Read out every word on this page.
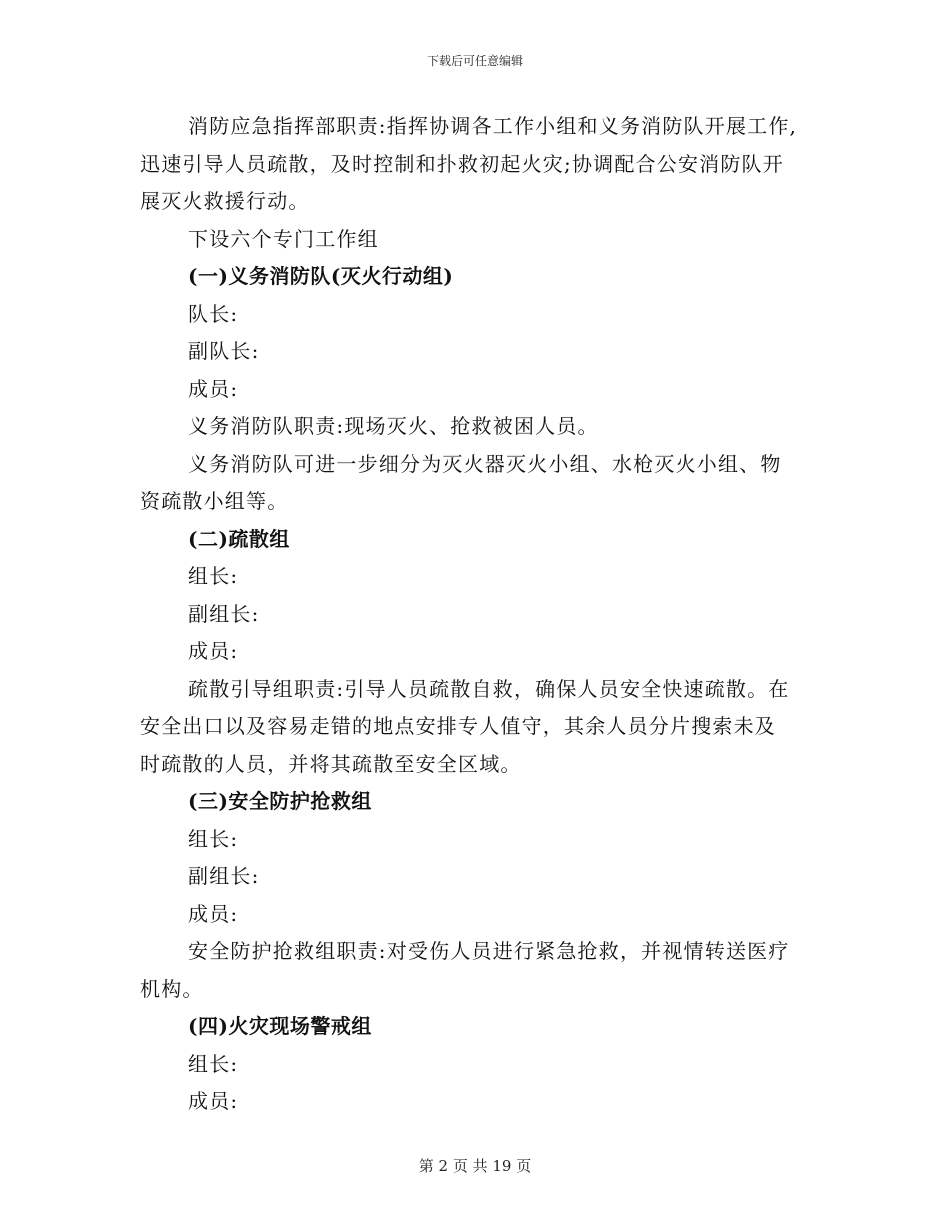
下载后可任意编辑
消防应急指挥部职责:指挥协调各工作小组和义务消防队开展工作,
迅速引导人员疏散，及时控制和扑救初起火灾;协调配合公安消防队开
展灭火救援行动。
下设六个专门工作组
(一)义务消防队(灭火行动组)
队长:
副队长:
成员:
义务消防队职责:现场灭火、抢救被困人员。
义务消防队可进一步细分为灭火器灭火小组、水枪灭火小组、物
资疏散小组等。
(二)疏散组
组长:
副组长:
成员:
疏散引导组职责:引导人员疏散自救，确保人员安全快速疏散。在
安全出口以及容易走错的地点安排专人值守，其余人员分片搜索未及
时疏散的人员，并将其疏散至安全区域。
(三)安全防护抢救组
组长:
副组长:
成员:
安全防护抢救组职责:对受伤人员进行紧急抢救，并视情转送医疗
机构。
(四)火灾现场警戒组
组长:
成员:
第 2 页 共 19 页
